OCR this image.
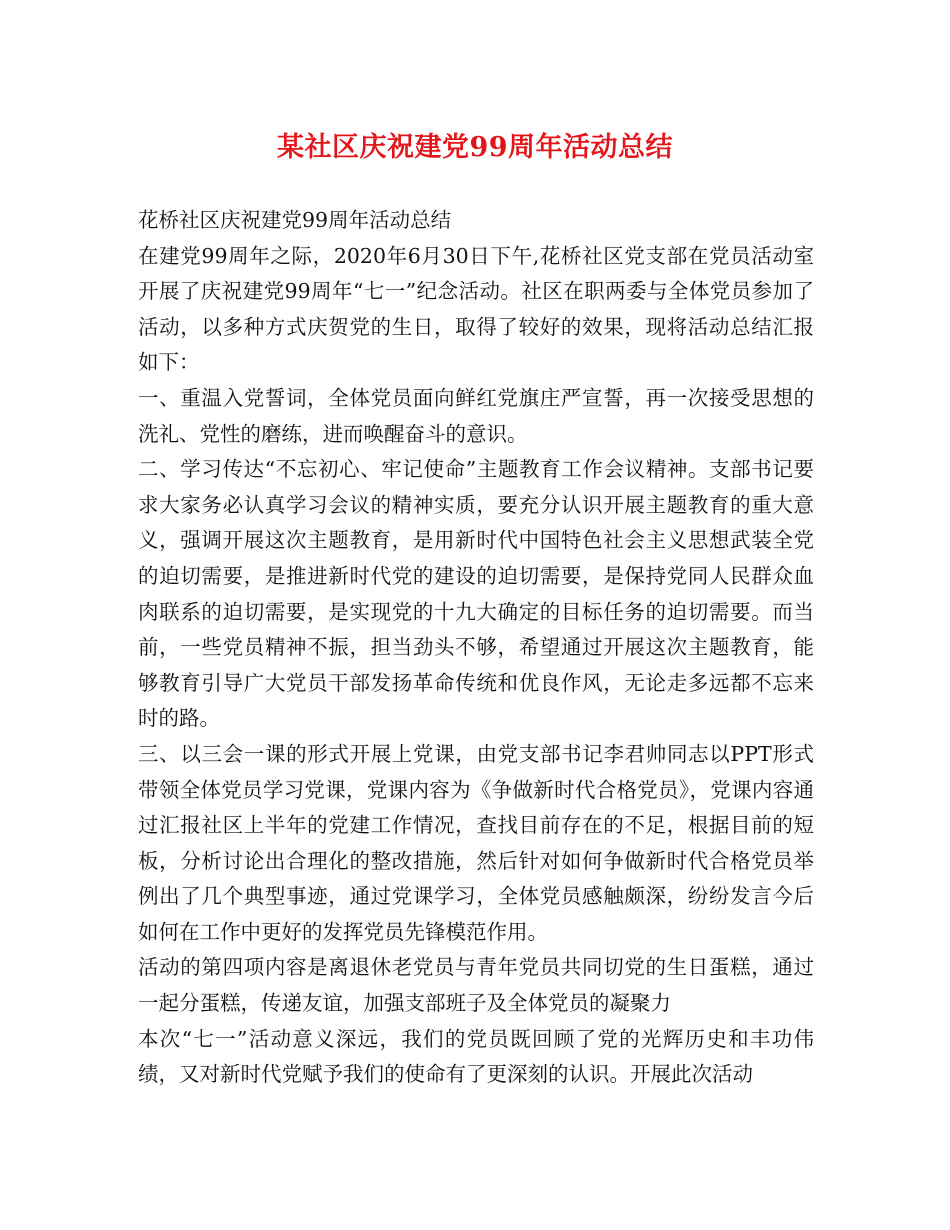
某社区庆祝建党99周年活动总结

花桥社区庆祝建党99周年活动总结

在建党99周年之际，2020年6月30日下午,花桥社区党支部在党员活动室开展了庆祝建党99周年“七一”纪念活动。社区在职两委与全体党员参加了活动，以多种方式庆贺党的生日，取得了较好的效果，现将活动总结汇报如下：

一、重温入党誓词，全体党员面向鲜红党旗庄严宣誓，再一次接受思想的洗礼、党性的磨练，进而唤醒奋斗的意识。

二、学习传达“不忘初心、牢记使命”主题教育工作会议精神。支部书记要求大家务必认真学习会议的精神实质，要充分认识开展主题教育的重大意义，强调开展这次主题教育，是用新时代中国特色社会主义思想武装全党的迫切需要，是推进新时代党的建设的迫切需要，是保持党同人民群众血肉联系的迫切需要，是实现党的十九大确定的目标任务的迫切需要。而当前，一些党员精神不振，担当劲头不够，希望通过开展这次主题教育，能够教育引导广大党员干部发扬革命传统和优良作风，无论走多远都不忘来时的路。

三、以三会一课的形式开展上党课，由党支部书记李君帅同志以PPT形式带领全体党员学习党课，党课内容为《争做新时代合格党员》，党课内容通过汇报社区上半年的党建工作情况，查找目前存在的不足，根据目前的短板，分析讨论出合理化的整改措施，然后针对如何争做新时代合格党员举例出了几个典型事迹，通过党课学习，全体党员感触颇深，纷纷发言今后如何在工作中更好的发挥党员先锋模范作用。

活动的第四项内容是离退休老党员与青年党员共同切党的生日蛋糕，通过一起分蛋糕，传递友谊，加强支部班子及全体党员的凝聚力

本次“七一”活动意义深远，我们的党员既回顾了党的光辉历史和丰功伟绩，又对新时代党赋予我们的使命有了更深刻的认识。开展此次活动
